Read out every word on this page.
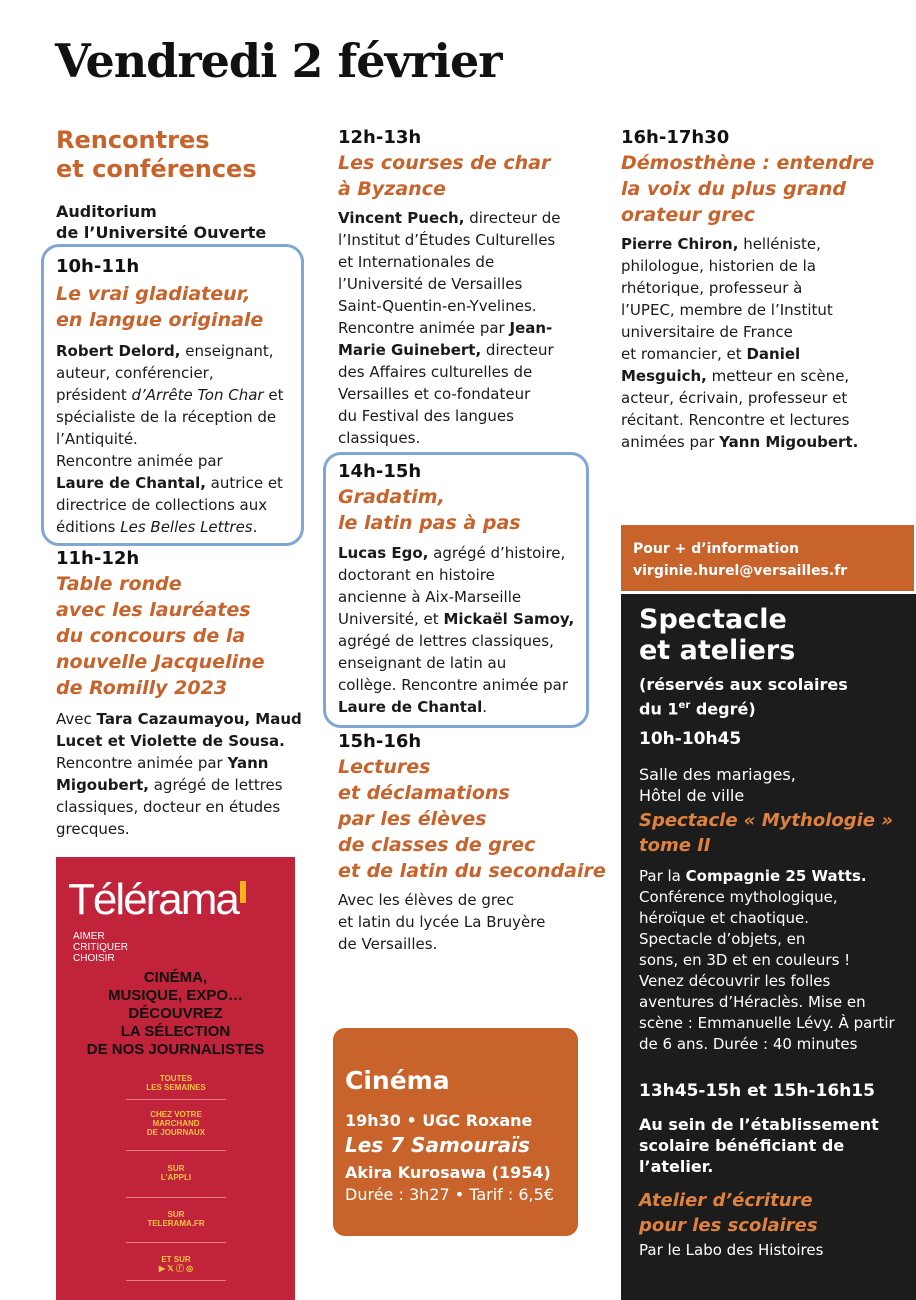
Vendredi 2 février
Rencontres
et conférences
Auditorium
de l’Université Ouverte
10h-11h
Le vrai gladiateur,
en langue originale
Robert Delord, enseignant,
auteur, conférencier,
président d’Arrête Ton Char et
spécialiste de la réception de
l’Antiquité.
Rencontre animée par
Laure de Chantal, autrice et
directrice de collections aux
éditions Les Belles Lettres.
11h-12h
Table ronde
avec les lauréates
du concours de la
nouvelle Jacqueline
de Romilly 2023
Avec Tara Cazaumayou, Maud
Lucet et Violette de Sousa.
Rencontre animée par Yann
Migoubert, agrégé de lettres
classiques, docteur en études
grecques.
Télérama
AIMER
CRITIQUER
CHOISIR
CINÉMA,
MUSIQUE, EXPO…
DÉCOUVREZ
LA SÉLECTION
DE NOS JOURNALISTES
TOUTES
LES SEMAINES
CHEZ VOTRE
MARCHAND
DE JOURNAUX
SUR
L’APPLI
SUR
TELERAMA.FR
ET SUR
▶ 𝕏 ⓕ ◎
12h-13h
Les courses de char
à Byzance
Vincent Puech, directeur de
l’Institut d’Études Culturelles
et Internationales de
l’Université de Versailles
Saint-Quentin-en-Yvelines.
Rencontre animée par Jean-
Marie Guinebert, directeur
des Affaires culturelles de
Versailles et co-fondateur
du Festival des langues
classiques.
14h-15h
Gradatim,
le latin pas à pas
Lucas Ego, agrégé d’histoire,
doctorant en histoire
ancienne à Aix-Marseille
Université, et Mickaël Samoy,
agrégé de lettres classiques,
enseignant de latin au
collège. Rencontre animée par
Laure de Chantal.
15h-16h
Lectures
et déclamations
par les élèves
de classes de grec
et de latin du secondaire
Avec les élèves de grec
et latin du lycée La Bruyère
de Versailles.
Cinéma
19h30 • UGC Roxane
Les 7 Samouraïs
Akira Kurosawa (1954)
Durée : 3h27 • Tarif : 6,5€
16h-17h30
Démosthène : entendre
la voix du plus grand
orateur grec
Pierre Chiron, helléniste,
philologue, historien de la
rhétorique, professeur à
l’UPEC, membre de l’Institut
universitaire de France
et romancier, et Daniel
Mesguich, metteur en scène,
acteur, écrivain, professeur et
récitant. Rencontre et lectures
animées par Yann Migoubert.
Pour + d’information
virginie.hurel@versailles.fr
Spectacle
et ateliers
(réservés aux scolaires
du 1er degré)
10h-10h45
Salle des mariages,
Hôtel de ville
Spectacle « Mythologie »
tome II
Par la Compagnie 25 Watts.
Conférence mythologique,
héroïque et chaotique.
Spectacle d’objets, en
sons, en 3D et en couleurs !
Venez découvrir les folles
aventures d’Héraclès. Mise en
scène : Emmanuelle Lévy. À partir
de 6 ans. Durée : 40 minutes
13h45-15h et 15h-16h15
Au sein de l’établissement
scolaire bénéficiant de
l’atelier.
Atelier d’écriture
pour les scolaires
Par le Labo des Histoires
